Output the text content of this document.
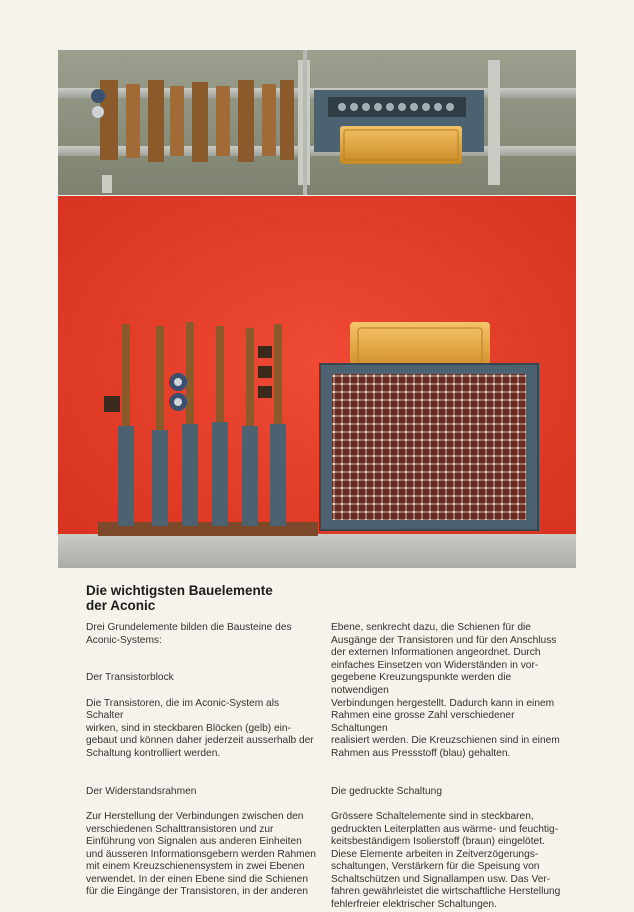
Die wichtigsten Bauelemente
der Aconic

Drei Grundelemente bilden die Bausteine des

Aconic-Systems:

Der Transistorblock

Die Transistoren, die im Aconic-System als Schalter

wirken, sind in steckbaren Blöcken (gelb) ein-

gebaut und können daher jederzeit ausserhalb der

Schaltung kontrolliert werden.

Der Widerstandsrahmen

Zur Herstellung der Verbindungen zwischen den

verschiedenen Schalttransistoren und zur

Einführung von Signalen aus anderen Einheiten

und äusseren Informationsgebern werden Rahmen

mit einem Kreuzschienensystem in zwei Ebenen

verwendet. In der einen Ebene sind die Schienen

für die Eingänge der Transistoren, in der anderen

Ebene, senkrecht dazu, die Schienen für die

Ausgänge der Transistoren und für den Anschluss

der externen Informationen angeordnet. Durch

einfaches Einsetzen von Widerständen in vor-

gegebene Kreuzungspunkte werden die notwendigen

Verbindungen hergestellt. Dadurch kann in einem

Rahmen eine grosse Zahl verschiedener Schaltungen

realisiert werden. Die Kreuzschienen sind in einem

Rahmen aus Pressstoff (blau) gehalten.

Die gedruckte Schaltung

Grössere Schaltelemente sind in steckbaren,

gedruckten Leiterplatten aus wärme- und feuchtig-

keitsbeständigem Isolierstoff (braun) eingelötet.

Diese Elemente arbeiten in Zeitverzögerungs-

schaltungen, Verstärkern für die Speisung von

Schaltschützen und Signallampen usw. Das Ver-

fahren gewährleistet die wirtschaftliche Herstellung

fehlerfreier elektrischer Schaltungen.
